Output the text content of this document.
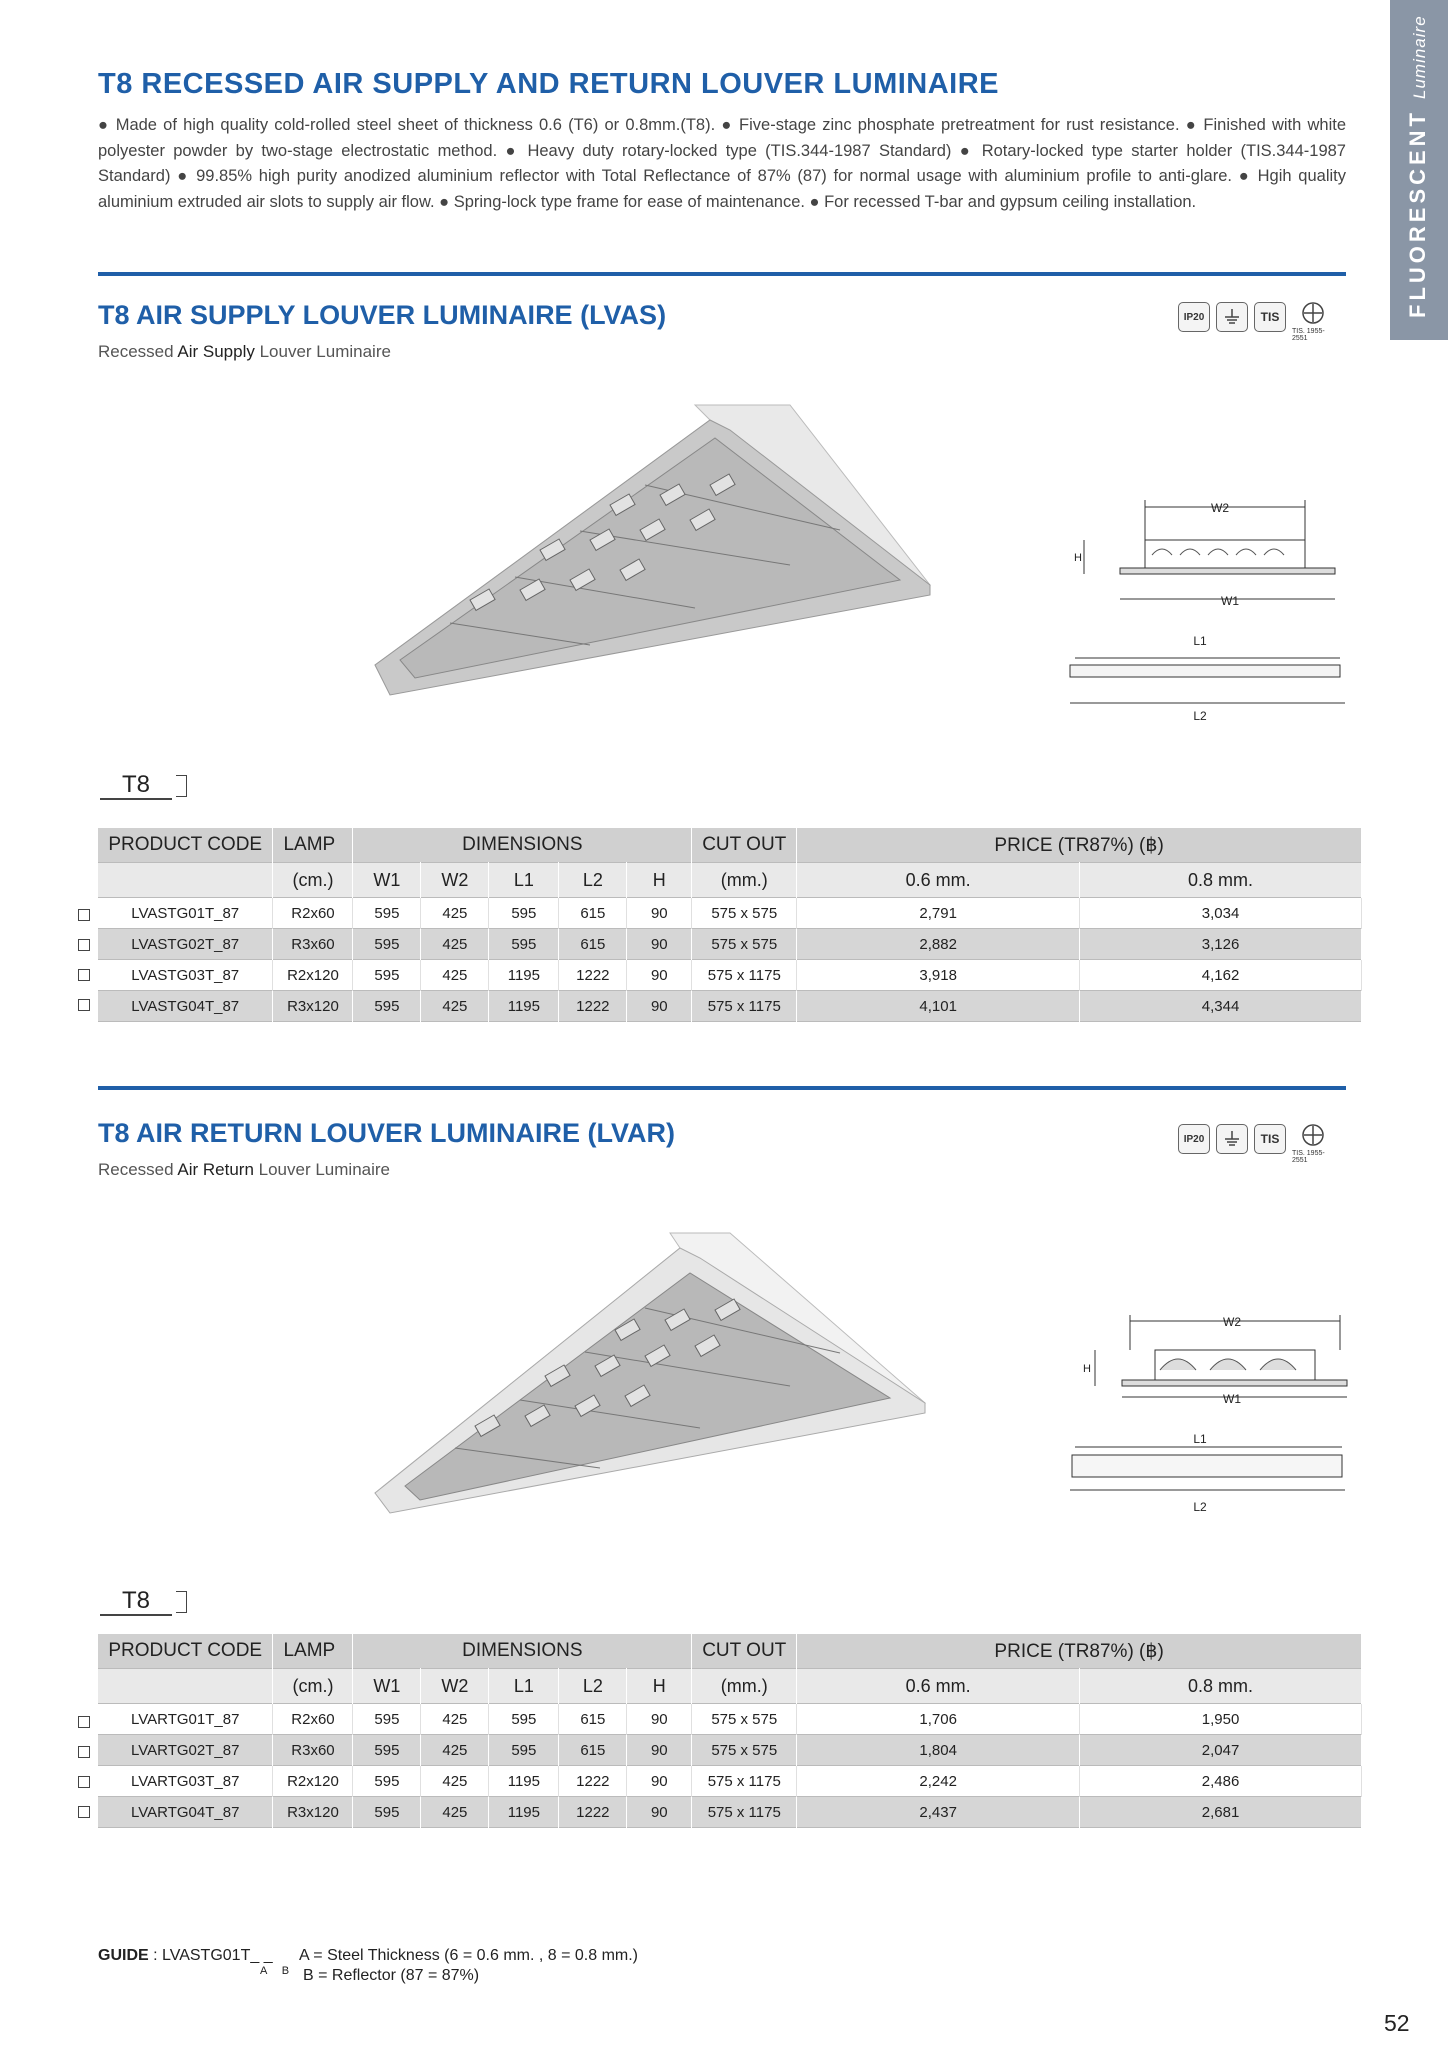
FLUORESCENTLuminaire
T8 RECESSED AIR SUPPLY AND RETURN LOUVER LUMINAIRE
● Made of high quality cold-rolled steel sheet of thickness 0.6 (T6) or 0.8mm.(T8). ● Five-stage zinc phosphate pretreatment for rust resistance. ● Finished with white polyester powder by two-stage electrostatic method. ● Heavy duty rotary-locked type (TIS.344-1987 Standard) ● Rotary-locked type starter holder (TIS.344-1987 Standard) ● 99.85% high purity anodized aluminium reflector with Total Reflectance of 87% (87) for normal usage with aluminium profile to anti-glare. ● Hgih quality aluminium extruded air slots to supply air flow. ● Spring-lock type frame for ease of maintenance. ● For recessed T-bar and gypsum ceiling installation.
T8 AIR SUPPLY LOUVER LUMINAIRE (LVAS)
Recessed Air Supply Louver Luminaire
IP20	TIS
TIS. 1955-2551
W2
H
W1
L1
L2
T8
PRODUCT CODE	LAMP	DIMENSIONS					CUT OUT	PRICE (TR87%) (฿)	
	(cm.)	W1	W2	L1	L2	H	(mm.)	0.6 mm.	0.8 mm.
LVASTG01T_87	R2x60	595	425	595	615	90	575 x 575	2,791	3,034
LVASTG02T_87	R3x60	595	425	595	615	90	575 x 575	2,882	3,126
LVASTG03T_87	R2x120	595	425	1195	1222	90	575 x 1175	3,918	4,162
LVASTG04T_87	R3x120	595	425	1195	1222	90	575 x 1175	4,101	4,344
T8 AIR RETURN LOUVER LUMINAIRE (LVAR)
Recessed Air Return Louver Luminaire
IP20	TIS
TIS. 1955-2551
W2
H
W1
L1
L2
T8
PRODUCT CODE	LAMP	DIMENSIONS					CUT OUT	PRICE (TR87%) (฿)	
	(cm.)	W1	W2	L1	L2	H	(mm.)	0.6 mm.	0.8 mm.
LVARTG01T_87	R2x60	595	425	595	615	90	575 x 575	1,706	1,950
LVARTG02T_87	R3x60	595	425	595	615	90	575 x 575	1,804	2,047
LVARTG03T_87	R2x120	595	425	1195	1222	90	575 x 1175	2,242	2,486
LVARTG04T_87	R3x120	595	425	1195	1222	90	575 x 1175	2,437	2,681
GUIDE : LVASTG01T_ _ A = Steel Thickness (6 = 0.6 mm. , 8 = 0.8 mm.)
A B B = Reflector (87 = 87%)
52
